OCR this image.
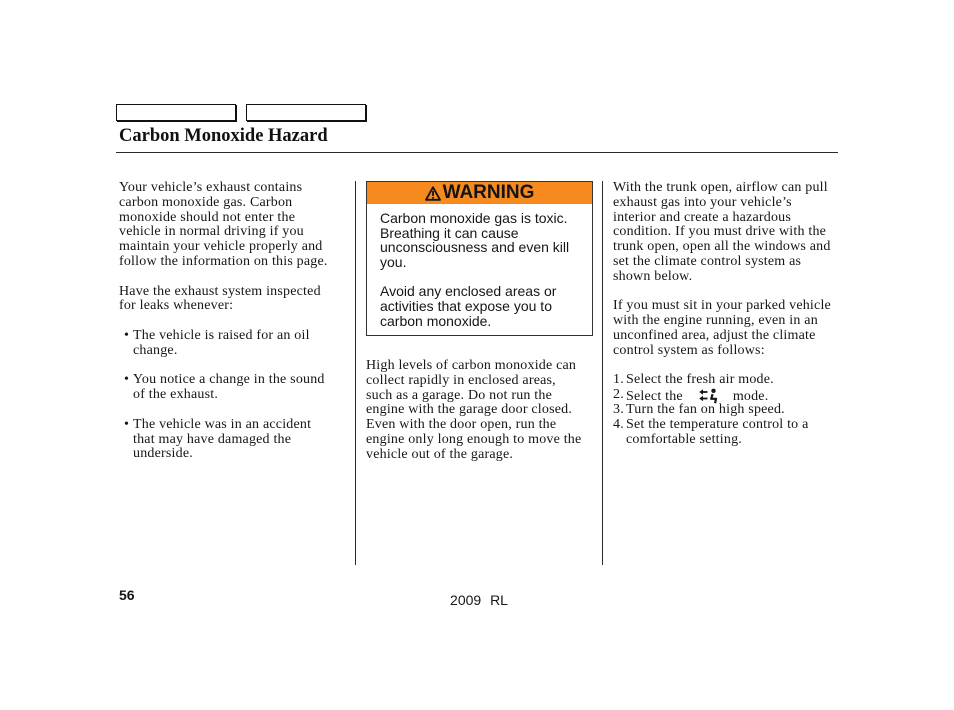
Carbon Monoxide Hazard
Your vehicle’s exhaust contains
carbon monoxide gas. Carbon
monoxide should not enter the
vehicle in normal driving if you
maintain your vehicle properly and
follow the information on this page.
Have the exhaust system inspected
for leaks whenever:
• The vehicle is raised for an oil
change.
• You notice a change in the sound
of the exhaust.
• The vehicle was in an accident
that may have damaged the
underside.
WARNING
Carbon monoxide gas is toxic.
Breathing it can cause
unconsciousness and even kill
you.
Avoid any enclosed areas or
activities that expose you to
carbon monoxide.
High levels of carbon monoxide can
collect rapidly in enclosed areas,
such as a garage. Do not run the
engine with the garage door closed.
Even with the door open, run the
engine only long enough to move the
vehicle out of the garage.
With the trunk open, airflow can pull
exhaust gas into your vehicle’s
interior and create a hazardous
condition. If you must drive with the
trunk open, open all the windows and
set the climate control system as
shown below.
If you must sit in your parked vehicle
with the engine running, even in an
unconfined area, adjust the climate
control system as follows:
1. Select the fresh air mode.
2. Select the	mode.
3. Turn the fan on high speed.
4. Set the temperature control to a
comfortable setting.
56	2009 RL
